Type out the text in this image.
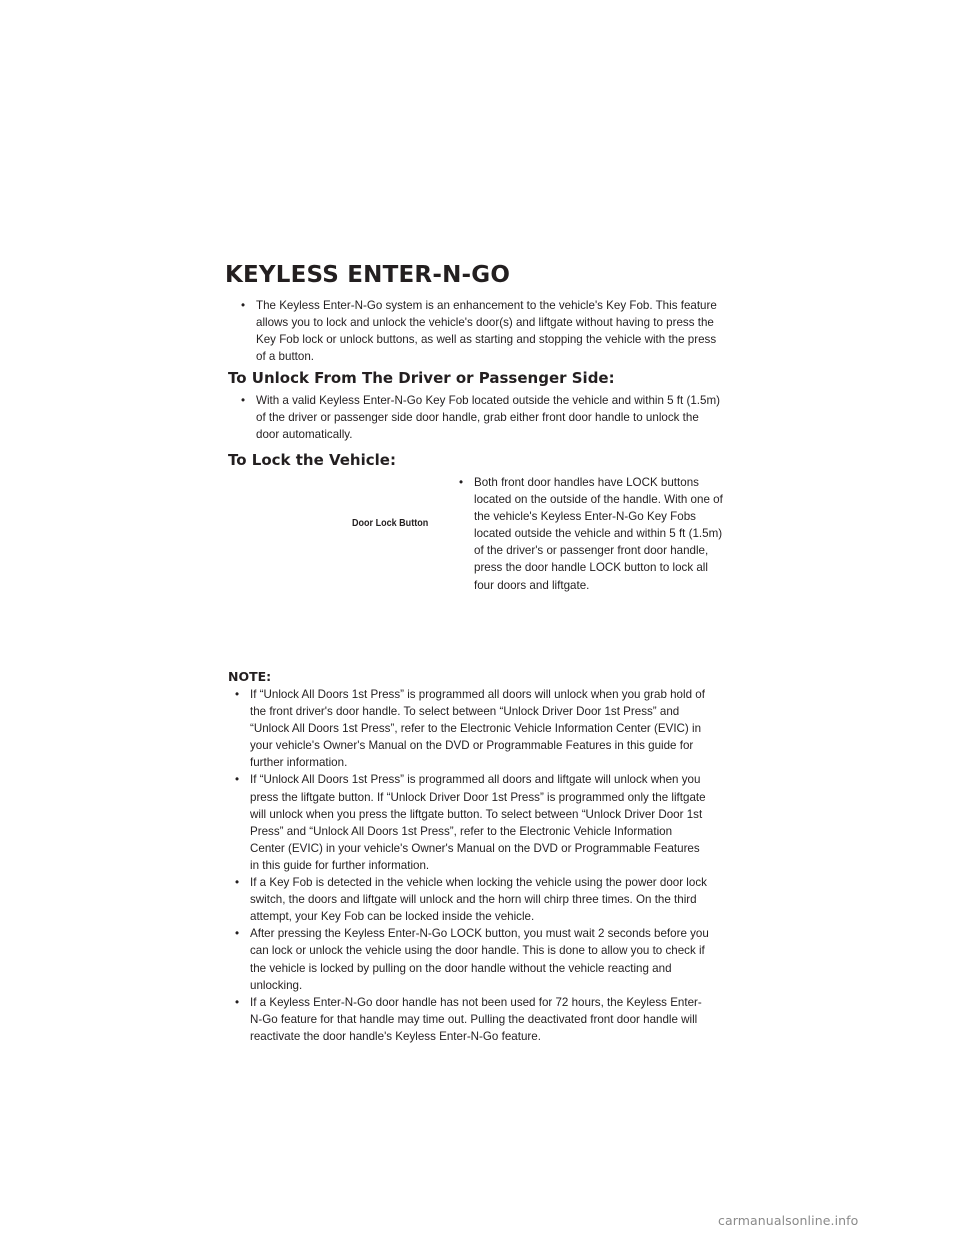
KEYLESS ENTER-N-GO
• The Keyless Enter-N-Go system is an enhancement to the vehicle's Key Fob. This feature allows you to lock and unlock the vehicle's door(s) and liftgate without having to press the Key Fob lock or unlock buttons, as well as starting and stopping the vehicle with the press of a button.
To Unlock From The Driver or Passenger Side:
• With a valid Keyless Enter-N-Go Key Fob located outside the vehicle and within 5 ft (1.5m) of the driver or passenger side door handle, grab either front door handle to unlock the door automatically.
To Lock the Vehicle:

Door Lock Button

• Both front door handles have LOCK buttons located on the outside of the handle. With one of the vehicle's Keyless Enter-N-Go Key Fobs located outside the vehicle and within 5 ft (1.5m) of the driver's or passenger front door handle, press the door handle LOCK button to lock all four doors and liftgate.

NOTE:

• If “Unlock All Doors 1st Press” is programmed all doors will unlock when you grab hold of the front driver's door handle. To select between “Unlock Driver Door 1st Press” and “Unlock All Doors 1st Press”, refer to the Electronic Vehicle Information Center (EVIC) in your vehicle's Owner's Manual on the DVD or Programmable Features in this guide for further information.
• If “Unlock All Doors 1st Press” is programmed all doors and liftgate will unlock when you press the liftgate button. If “Unlock Driver Door 1st Press” is programmed only the liftgate will unlock when you press the liftgate button. To select between “Unlock Driver Door 1st Press” and “Unlock All Doors 1st Press”, refer to the Electronic Vehicle Information Center (EVIC) in your vehicle's Owner's Manual on the DVD or Programmable Features in this guide for further information.
• If a Key Fob is detected in the vehicle when locking the vehicle using the power door lock switch, the doors and liftgate will unlock and the horn will chirp three times. On the third attempt, your Key Fob can be locked inside the vehicle.
• After pressing the Keyless Enter-N-Go LOCK button, you must wait 2 seconds before you can lock or unlock the vehicle using the door handle. This is done to allow you to check if the vehicle is locked by pulling on the door handle without the vehicle reacting and unlocking.
• If a Keyless Enter-N-Go door handle has not been used for 72 hours, the Keyless Enter-N-Go feature for that handle may time out. Pulling the deactivated front door handle will reactivate the door handle's Keyless Enter-N-Go feature.

carmanualsonline.info
